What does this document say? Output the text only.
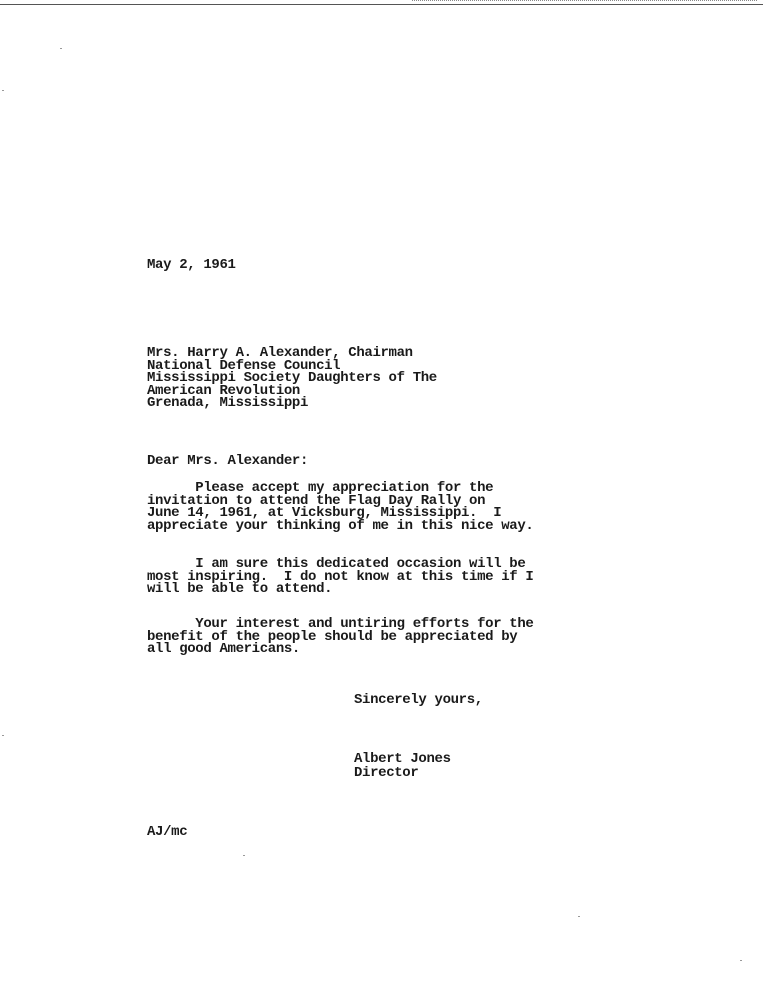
May 2, 1961
Mrs. Harry A. Alexander, Chairman
National Defense Council
Mississippi Society Daughters of The
American Revolution
Grenada, Mississippi
Dear Mrs. Alexander:
Please accept my appreciation for the
invitation to attend the Flag Day Rally on
June 14, 1961, at Vicksburg, Mississippi.  I
appreciate your thinking of me in this nice way.
I am sure this dedicated occasion will be
most inspiring.  I do not know at this time if I
will be able to attend.
Your interest and untiring efforts for the
benefit of the people should be appreciated by
all good Americans.
Sincerely yours,
Albert Jones
Director
AJ/mc
